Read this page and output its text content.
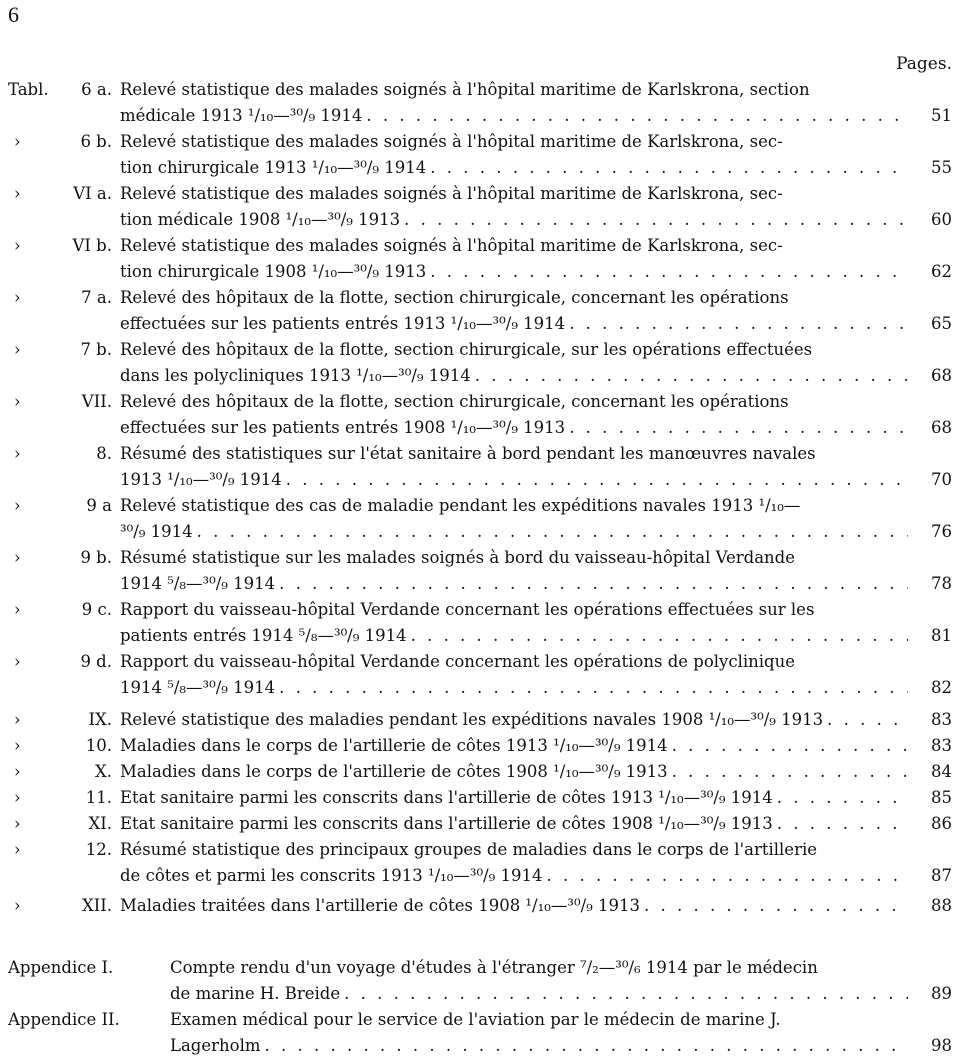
6
Pages.
Tabl. 6 a. Relevé statistique des malades soignés à l'hôpital maritime de Karlskrona, section
médicale 1913 ¹/₁₀—³⁰/₉ 1914 . . .	51
›	6 b. Relevé statistique des malades soignés à l'hôpital maritime de Karlskrona, sec-
tion chirurgicale 1913 ¹/₁₀—³⁰/₉ 1914 . . .	55
›	VI a. Relevé statistique des malades soignés à l'hôpital maritime de Karlskrona, sec-
tion médicale 1908 ¹/₁₀—³⁰/₉ 1913 . . .	60
›	VI b. Relevé statistique des malades soignés à l'hôpital maritime de Karlskrona, sec-
tion chirurgicale 1908 ¹/₁₀—³⁰/₉ 1913 . . .	62
›	7 a. Relevé des hôpitaux de la flotte, section chirurgicale, concernant les opérations
effectuées sur les patients entrés 1913 ¹/₁₀—³⁰/₉ 1914 . . .	65
›	7 b. Relevé des hôpitaux de la flotte, section chirurgicale, sur les opérations effectuées
dans les polycliniques 1913 ¹/₁₀—³⁰/₉ 1914 . . .	68
›	VII. Relevé des hôpitaux de la flotte, section chirurgicale, concernant les opérations
effectuées sur les patients entrés 1908 ¹/₁₀—³⁰/₉ 1913 . . .	68
›	8. Résumé des statistiques sur l'état sanitaire à bord pendant les manœuvres navales
1913 ¹/₁₀—³⁰/₉ 1914 . . .	70
›	9 a Relevé statistique des cas de maladie pendant les expéditions navales 1913 ¹/₁₀—
³⁰/₉ 1914 . . .	76
›	9 b. Résumé statistique sur les malades soignés à bord du vaisseau-hôpital Verdande
1914 ⁵/₈—³⁰/₉ 1914 . . .	78
›	9 c. Rapport du vaisseau-hôpital Verdande concernant les opérations effectuées sur les
patients entrés 1914 ⁵/₈—³⁰/₉ 1914 . . .	81
›	9 d. Rapport du vaisseau-hôpital Verdande concernant les opérations de polyclinique
1914 ⁵/₈—³⁰/₉ 1914 . . .	82
›	IX. Relevé statistique des maladies pendant les expéditions navales 1908 ¹/₁₀—³⁰/₉ 1913 . . .	83
›	10. Maladies dans le corps de l'artillerie de côtes 1913 ¹/₁₀—³⁰/₉ 1914 . . .	83
›	X. Maladies dans le corps de l'artillerie de côtes 1908 ¹/₁₀—³⁰/₉ 1913 . . .	84
›	11. Etat sanitaire parmi les conscrits dans l'artillerie de côtes 1913 ¹/₁₀—³⁰/₉ 1914 . . .	85
›	XI. Etat sanitaire parmi les conscrits dans l'artillerie de côtes 1908 ¹/₁₀—³⁰/₉ 1913 . . .	86
›	12. Résumé statistique des principaux groupes de maladies dans le corps de l'artillerie
de côtes et parmi les conscrits 1913 ¹/₁₀—³⁰/₉ 1914 . . .	87
›	XII. Maladies traitées dans l'artillerie de côtes 1908 ¹/₁₀—³⁰/₉ 1913 . . .	88
Appendice I.	Compte rendu d'un voyage d'études à l'étranger ⁷/₂—³⁰/₆ 1914 par le médecin
de marine H. Breide . . .	89
Appendice II.	Examen médical pour le service de l'aviation par le médecin de marine J.
Lagerholm . . .	98
